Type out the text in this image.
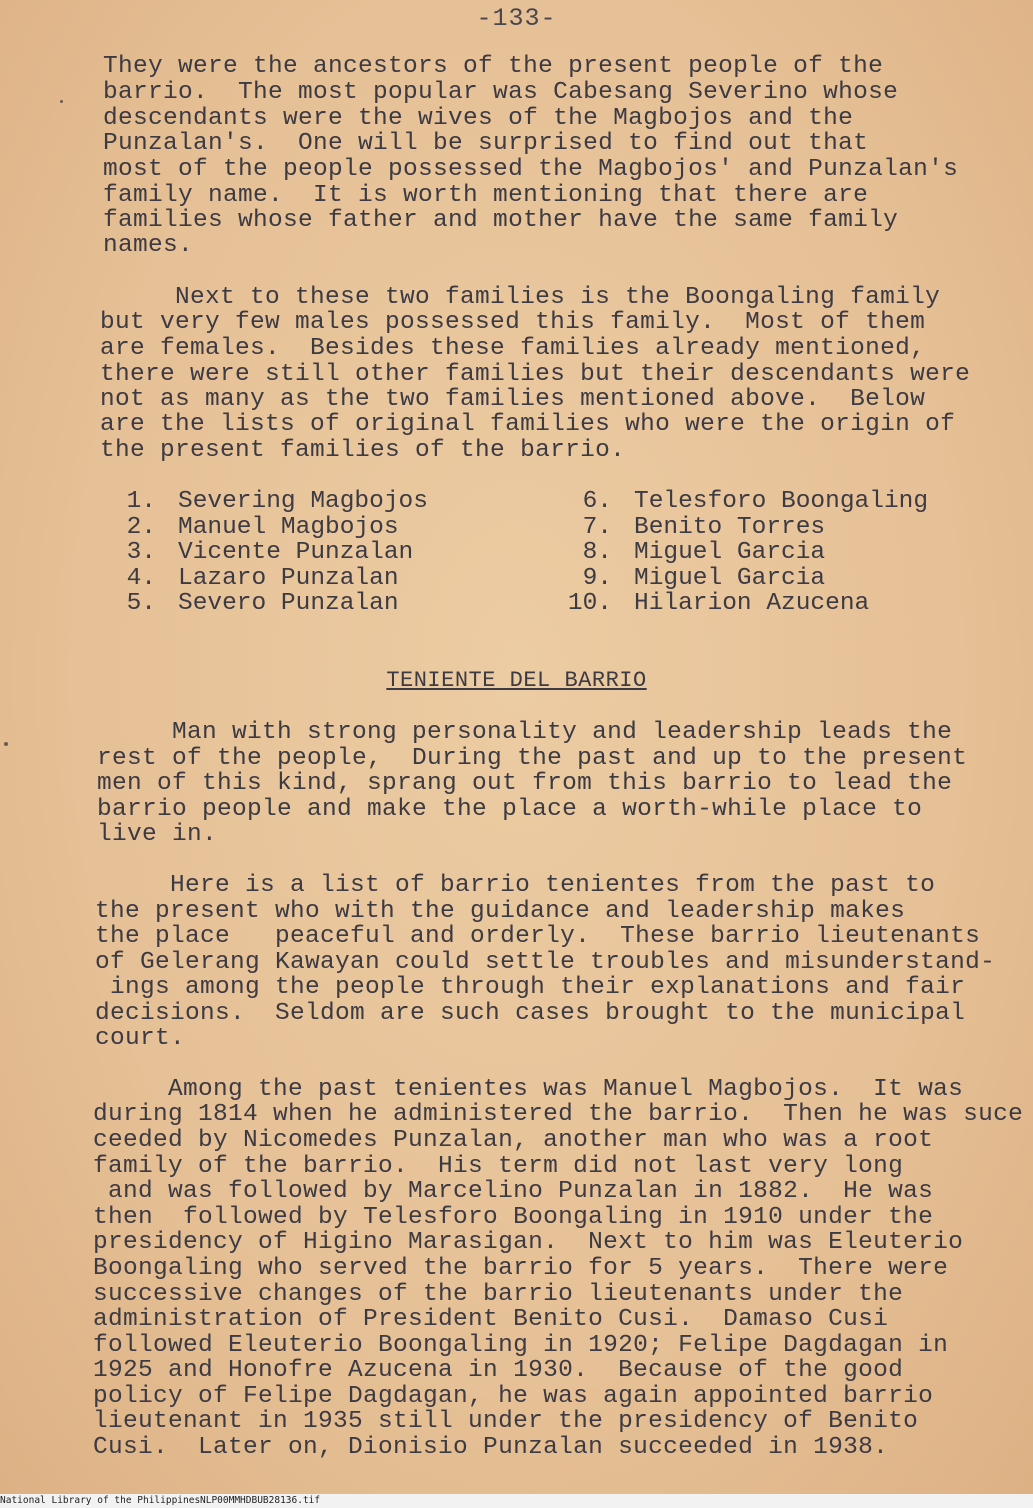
-133-
They were the ancestors of the present people of the
barrio.  The most popular was Cabesang Severino whose
descendants were the wives of the Magbojos and the
Punzalan's.  One will be surprised to find out that
most of the people possessed the Magbojos' and Punzalan's
family name.  It is worth mentioning that there are
families whose father and mother have the same family
names.
Next to these two families is the Boongaling family
but very few males possessed this family.  Most of them
are females.  Besides these families already mentioned,
there were still other families but their descendants were
not as many as the two families mentioned above.  Below
are the lists of original families who were the origin of
the present families of the barrio.
1. Severing Magbojos
2. Manuel Magbojos
3. Vicente Punzalan
4. Lazaro Punzalan
5. Severo Punzalan
6. Telesforo Boongaling
7. Benito Torres
8. Miguel Garcia
9. Miguel Garcia
10. Hilarion Azucena
TENIENTE DEL BARRIO
Man with strong personality and leadership leads the
rest of the people,  During the past and up to the present
men of this kind, sprang out from this barrio to lead the
barrio people and make the place a worth-while place to
live in.
Here is a list of barrio tenientes from the past to
the present who with the guidance and leadership makes
the place   peaceful and orderly.  These barrio lieutenants
of Gelerang Kawayan could settle troubles and misunderstand-
ings among the people through their explanations and fair
decisions.  Seldom are such cases brought to the municipal
court.
Among the past tenientes was Manuel Magbojos.  It was
during 1814 when he administered the barrio.  Then he was suce
ceeded by Nicomedes Punzalan, another man who was a root
family of the barrio.  His term did not last very long
and was followed by Marcelino Punzalan in 1882.  He was
then  followed by Telesforo Boongaling in 1910 under the
presidency of Higino Marasigan.  Next to him was Eleuterio
Boongaling who served the barrio for 5 years.  There were
successive changes of the barrio lieutenants under the
administration of President Benito Cusi.  Damaso Cusi
followed Eleuterio Boongaling in 1920; Felipe Dagdagan in
1925 and Honofre Azucena in 1930.  Because of the good
policy of Felipe Dagdagan, he was again appointed barrio
lieutenant in 1935 still under the presidency of Benito
Cusi.  Later on, Dionisio Punzalan succeeded in 1938.
National Library of the Philippines NLP00MMHDBUB28136.tif
